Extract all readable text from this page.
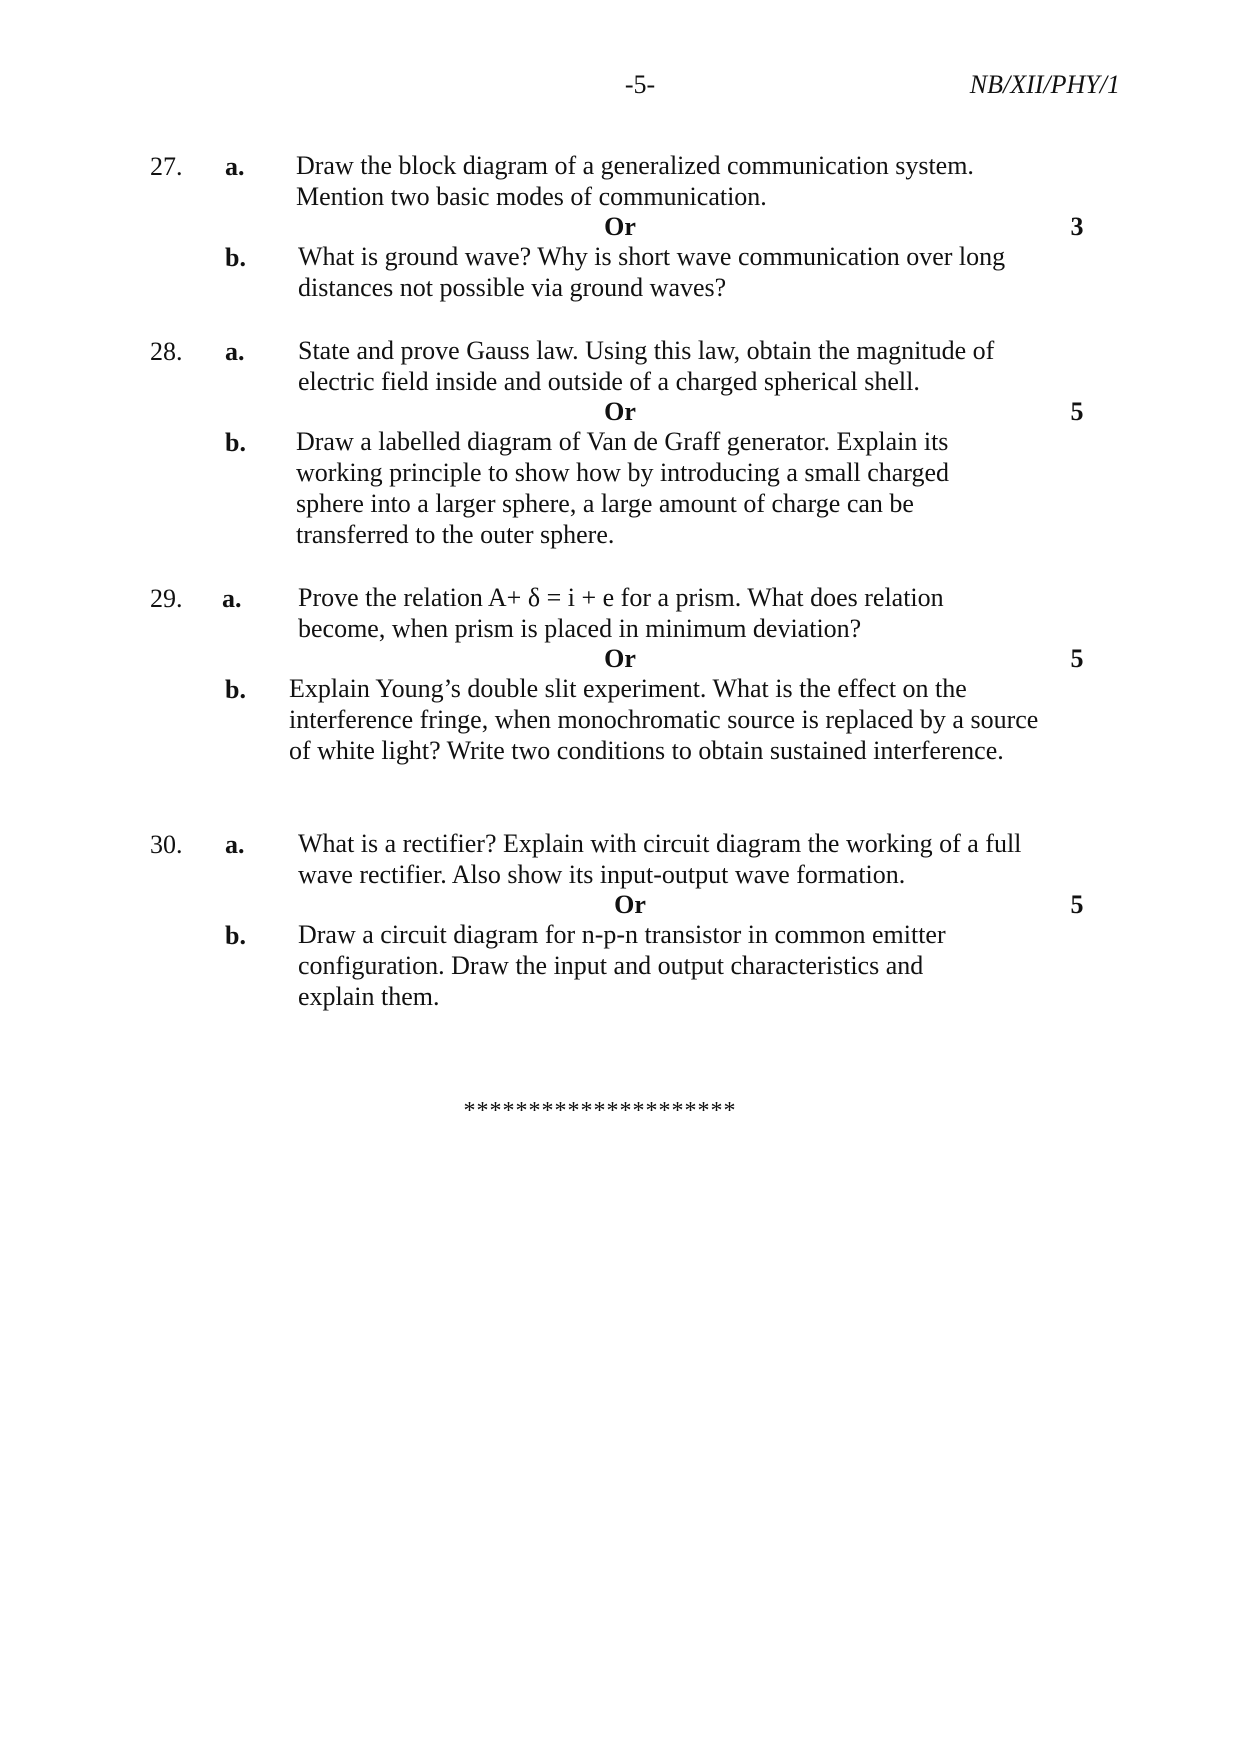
-5-	NB/XII/PHY/1
27. a. Draw the block diagram of a generalized communication system. Mention two basic modes of communication.
Or	3
b. What is ground wave? Why is short wave communication over long distances not possible via ground waves?
28. a. State and prove Gauss law. Using this law, obtain the magnitude of electric field inside and outside of a charged spherical shell.
Or	5
b. Draw a labelled diagram of Van de Graff generator. Explain its working principle to show how by introducing a small charged sphere into a larger sphere, a large amount of charge can be transferred to the outer sphere.
29. a. Prove the relation A+ δ = i + e for a prism. What does relation become, when prism is placed in minimum deviation?
Or	5
b. Explain Young’s double slit experiment. What is the effect on the interference fringe, when monochromatic source is replaced by a source of white light? Write two conditions to obtain sustained interference.
30. a. What is a rectifier? Explain with circuit diagram the working of a full wave rectifier. Also show its input-output wave formation.
Or	5
b. Draw a circuit diagram for n-p-n transistor in common emitter configuration. Draw the input and output characteristics and explain them.
*********************
